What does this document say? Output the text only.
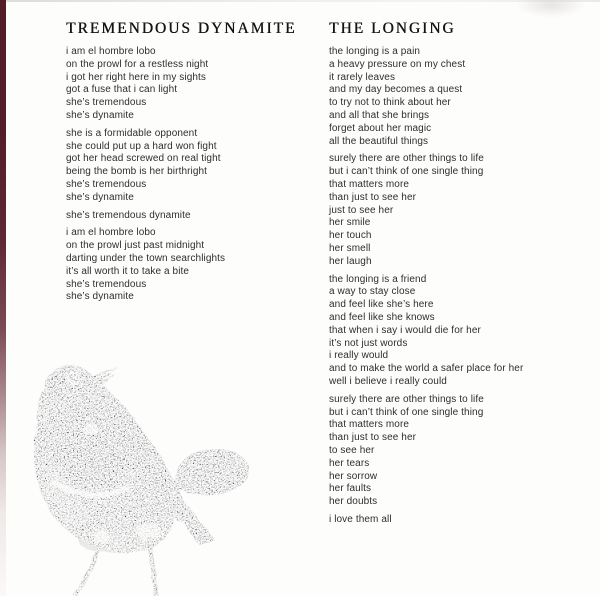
TREMENDOUS DYNAMITE
i am el hombre lobo
on the prowl for a restless night
i got her right here in my sights
got a fuse that i can light
she’s tremendous
she’s dynamite
she is a formidable opponent
she could put up a hard won fight
got her head screwed on real tight
being the bomb is her birthright
she’s tremendous
she’s dynamite
she’s tremendous dynamite
i am el hombre lobo
on the prowl just past midnight
darting under the town searchlights
it’s all worth it to take a bite
she’s tremendous
she’s dynamite
THE LONGING
the longing is a pain
a heavy pressure on my chest
it rarely leaves
and my day becomes a quest
to try not to think about her
and all that she brings
forget about her magic
all the beautiful things
surely there are other things to life
but i can’t think of one single thing
that matters more
than just to see her
just to see her
her smile
her touch
her smell
her laugh
the longing is a friend
a way to stay close
and feel like she’s here
and feel like she knows
that when i say i would die for her
it’s not just words
i really would
and to make the world a safer place for her
well i believe i really could
surely there are other things to life
but i can’t think of one single thing
that matters more
than just to see her
to see her
her tears
her sorrow
her faults
her doubts
i love them all
